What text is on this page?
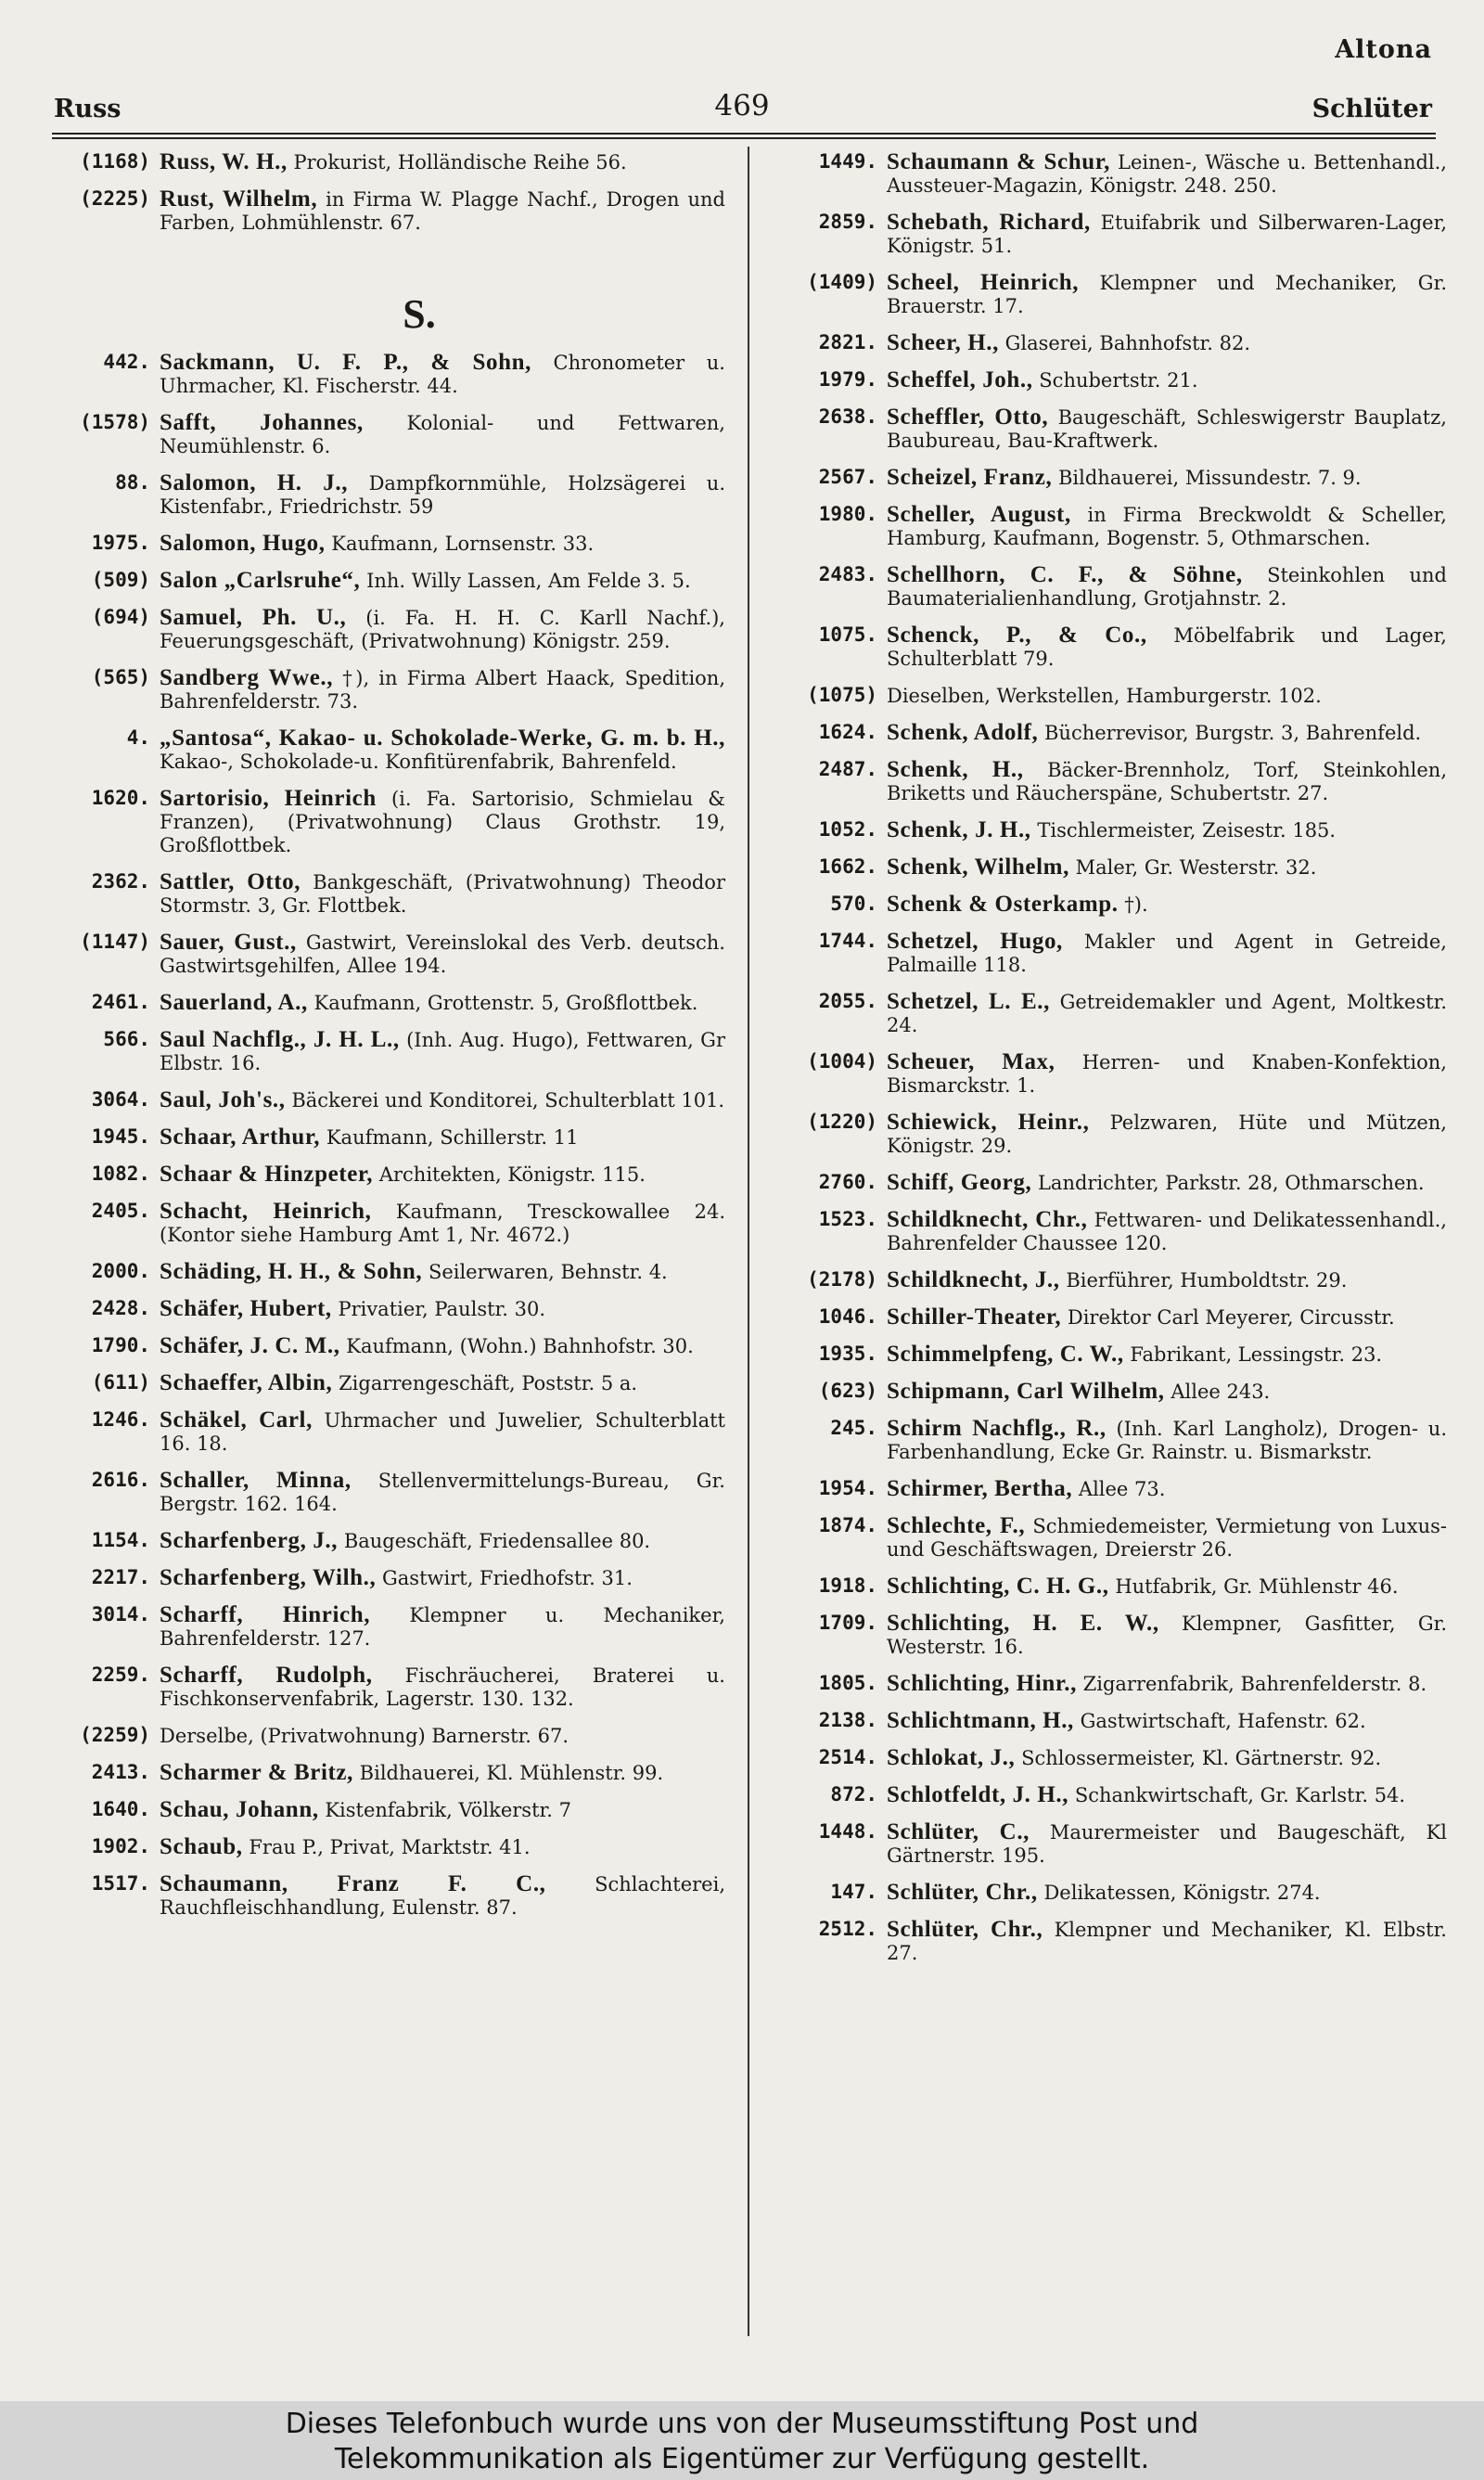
Altona
Russ	469	Schlüter
(1168) Russ, W. H., Prokurist, Holländische Reihe 56.
(2225) Rust, Wilhelm, in Firma W. Plagge Nachf., Drogen und Farben, Lohmühlenstr. 67.
S.
442. Sackmann, U. F. P., & Sohn, Chronometer u. Uhrmacher, Kl. Fischerstr. 44.
(1578) Safft, Johannes, Kolonial- und Fettwaren, Neumühlenstr. 6.
88. Salomon, H. J., Dampfkornmühle, Holzsägerei u. Kistenfabr., Friedrichstr. 59
1975. Salomon, Hugo, Kaufmann, Lornsenstr. 33.
(509) Salon „Carlsruhe“, Inh. Willy Lassen, Am Felde 3. 5.
(694) Samuel, Ph. U., (i. Fa. H. H. C. Karll Nachf.), Feuerungsgeschäft, (Privatwohnung) Königstr. 259.
(565) Sandberg Wwe., †), in Firma Albert Haack, Spedition, Bahrenfelderstr. 73.
4. „Santosa“, Kakao- u. Schokolade-Werke, G. m. b. H., Kakao-, Schokolade-u. Konfitürenfabrik, Bahrenfeld.
1620. Sartorisio, Heinrich (i. Fa. Sartorisio, Schmielau & Franzen), (Privatwohnung) Claus Grothstr. 19, Großflottbek.
2362. Sattler, Otto, Bankgeschäft, (Privatwohnung) Theodor Stormstr. 3, Gr. Flottbek.
(1147) Sauer, Gust., Gastwirt, Vereinslokal des Verb. deutsch. Gastwirtsgehilfen, Allee 194.
2461. Sauerland, A., Kaufmann, Grottenstr. 5, Großflottbek.
566. Saul Nachflg., J. H. L., (Inh. Aug. Hugo), Fettwaren, Gr Elbstr. 16.
3064. Saul, Joh's., Bäckerei und Konditorei, Schulterblatt 101.
1945. Schaar, Arthur, Kaufmann, Schillerstr. 11
1082. Schaar & Hinzpeter, Architekten, Königstr. 115.
2405. Schacht, Heinrich, Kaufmann, Tresckowallee 24. (Kontor siehe Hamburg Amt 1, Nr. 4672.)
2000. Schäding, H. H., & Sohn, Seilerwaren, Behnstr. 4.
2428. Schäfer, Hubert, Privatier, Paulstr. 30.
1790. Schäfer, J. C. M., Kaufmann, (Wohn.) Bahnhofstr. 30.
(611) Schaeffer, Albin, Zigarrengeschäft, Poststr. 5 a.
1246. Schäkel, Carl, Uhrmacher und Juwelier, Schulterblatt 16. 18.
2616. Schaller, Minna, Stellenvermittelungs-Bureau, Gr. Bergstr. 162. 164.
1154. Scharfenberg, J., Baugeschäft, Friedensallee 80.
2217. Scharfenberg, Wilh., Gastwirt, Friedhofstr. 31.
3014. Scharff, Hinrich, Klempner u. Mechaniker, Bahrenfelderstr. 127.
2259. Scharff, Rudolph, Fischräucherei, Braterei u. Fischkonservenfabrik, Lagerstr. 130. 132.
(2259) Derselbe, (Privatwohnung) Barnerstr. 67.
2413. Scharmer & Britz, Bildhauerei, Kl. Mühlenstr. 99.
1640. Schau, Johann, Kistenfabrik, Völkerstr. 7
1902. Schaub, Frau P., Privat, Marktstr. 41.
1517. Schaumann, Franz F. C.,	Schlachterei, Rauchfleischhandlung, Eulenstr. 87.
1449. Schaumann & Schur, Leinen-, Wäsche u. Bettenhandl., Aussteuer-Magazin, Königstr. 248. 250.
2859. Schebath, Richard, Etuifabrik und Silberwaren-Lager, Königstr. 51.
(1409) Scheel, Heinrich, Klempner und Mechaniker, Gr. Brauerstr. 17.
2821. Scheer, H., Glaserei, Bahnhofstr. 82.
1979. Scheffel, Joh., Schubertstr. 21.
2638. Scheffler, Otto, Baugeschäft, Schleswigerstr Bauplatz, Baubureau, Bau-Kraftwerk.
2567. Scheizel, Franz, Bildhauerei, Missundestr. 7. 9.
1980. Scheller, August, in Firma Breckwoldt & Scheller, Hamburg, Kaufmann, Bogenstr. 5, Othmarschen.
2483. Schellhorn, C. F., & Söhne, Steinkohlen und Baumaterialienhandlung, Grotjahnstr. 2.
1075. Schenck, P., & Co., Möbelfabrik und Lager, Schulterblatt 79.
(1075) Dieselben, Werkstellen, Hamburgerstr. 102.
1624. Schenk, Adolf, Bücherrevisor, Burgstr. 3, Bahrenfeld.
2487. Schenk, H., Bäcker-Brennholz, Torf, Steinkohlen, Briketts und Räucherspäne, Schubertstr. 27.
1052. Schenk, J. H., Tischlermeister, Zeisestr. 185.
1662. Schenk, Wilhelm, Maler, Gr. Westerstr. 32.
570. Schenk & Osterkamp. †).
1744. Schetzel, Hugo, Makler und Agent in Getreide, Palmaille 118.
2055. Schetzel, L. E., Getreidemakler und Agent, Moltkestr. 24.
(1004) Scheuer, Max, Herren- und Knaben-Konfektion, Bismarckstr. 1.
(1220) Schiewick, Heinr., Pelzwaren, Hüte und Mützen, Königstr. 29.
2760. Schiff, Georg, Landrichter, Parkstr. 28, Othmarschen.
1523. Schildknecht, Chr., Fettwaren- und Delikatessenhandl., Bahrenfelder Chaussee 120.
(2178) Schildknecht, J., Bierführer, Humboldtstr. 29.
1046. Schiller-Theater, Direktor Carl Meyerer, Circusstr.
1935. Schimmelpfeng, C. W., Fabrikant, Lessingstr. 23.
(623) Schipmann, Carl Wilhelm, Allee 243.
245. Schirm Nachflg., R., (Inh. Karl Langholz), Drogen- u. Farbenhandlung, Ecke Gr. Rainstr. u. Bismarkstr.
1954. Schirmer, Bertha, Allee 73.
1874. Schlechte, F., Schmiedemeister, Vermietung von Luxus- und Geschäftswagen, Dreierstr 26.
1918. Schlichting, C. H. G., Hutfabrik, Gr. Mühlenstr 46.
1709. Schlichting, H. E. W., Klempner, Gasfitter, Gr. Westerstr. 16.
1805. Schlichting, Hinr., Zigarrenfabrik, Bahrenfelderstr. 8.
2138. Schlichtmann, H., Gastwirtschaft, Hafenstr. 62.
2514. Schlokat, J., Schlossermeister, Kl. Gärtnerstr. 92.
872. Schlotfeldt, J. H., Schankwirtschaft, Gr. Karlstr. 54.
1448. Schlüter, C., Maurermeister und Baugeschäft, Kl Gärtnerstr. 195.
147. Schlüter, Chr., Delikatessen, Königstr. 274.
2512. Schlüter, Chr., Klempner und Mechaniker, Kl. Elbstr. 27.
Dieses Telefonbuch wurde uns von der Museumsstiftung Post und
Telekommunikation als Eigentümer zur Verfügung gestellt.
